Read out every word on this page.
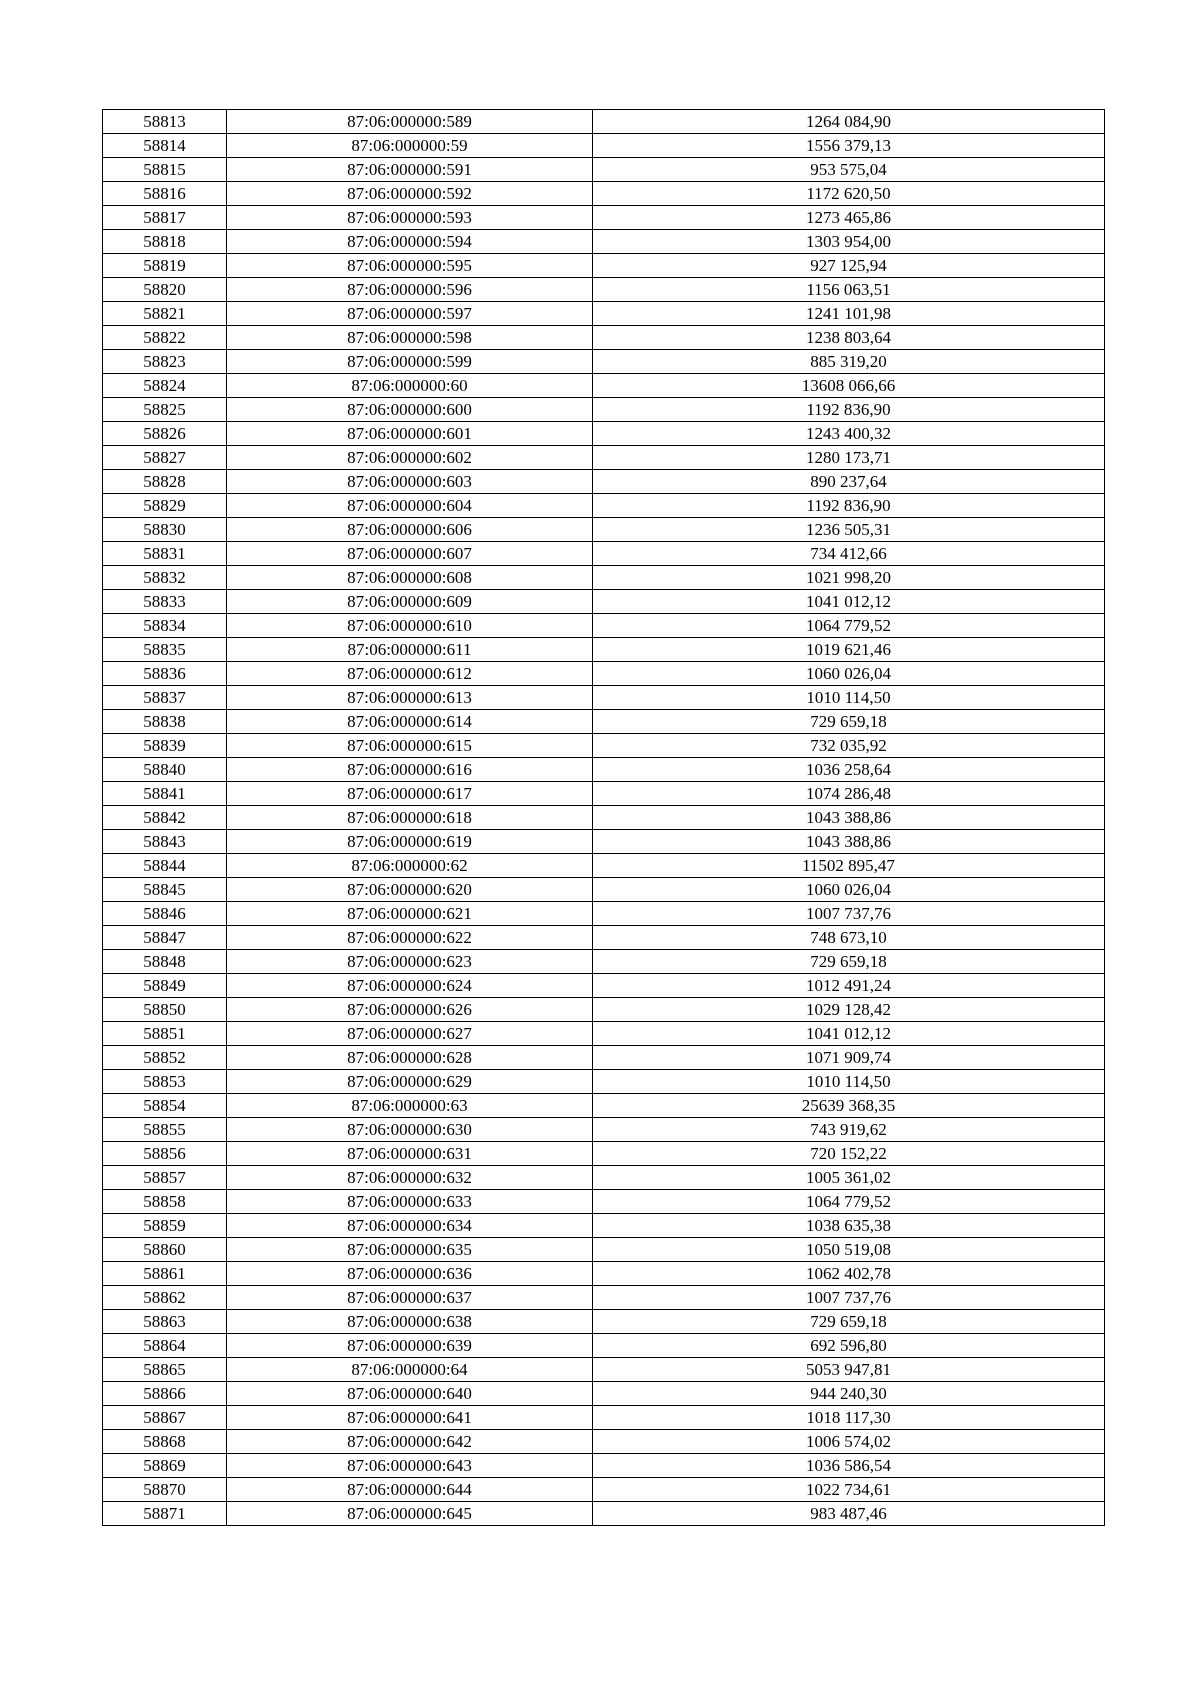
58813	87:06:000000:589	1264 084,90
58814	87:06:000000:59	1556 379,13
58815	87:06:000000:591	953 575,04
58816	87:06:000000:592	1172 620,50
58817	87:06:000000:593	1273 465,86
58818	87:06:000000:594	1303 954,00
58819	87:06:000000:595	927 125,94
58820	87:06:000000:596	1156 063,51
58821	87:06:000000:597	1241 101,98
58822	87:06:000000:598	1238 803,64
58823	87:06:000000:599	885 319,20
58824	87:06:000000:60	13608 066,66
58825	87:06:000000:600	1192 836,90
58826	87:06:000000:601	1243 400,32
58827	87:06:000000:602	1280 173,71
58828	87:06:000000:603	890 237,64
58829	87:06:000000:604	1192 836,90
58830	87:06:000000:606	1236 505,31
58831	87:06:000000:607	734 412,66
58832	87:06:000000:608	1021 998,20
58833	87:06:000000:609	1041 012,12
58834	87:06:000000:610	1064 779,52
58835	87:06:000000:611	1019 621,46
58836	87:06:000000:612	1060 026,04
58837	87:06:000000:613	1010 114,50
58838	87:06:000000:614	729 659,18
58839	87:06:000000:615	732 035,92
58840	87:06:000000:616	1036 258,64
58841	87:06:000000:617	1074 286,48
58842	87:06:000000:618	1043 388,86
58843	87:06:000000:619	1043 388,86
58844	87:06:000000:62	11502 895,47
58845	87:06:000000:620	1060 026,04
58846	87:06:000000:621	1007 737,76
58847	87:06:000000:622	748 673,10
58848	87:06:000000:623	729 659,18
58849	87:06:000000:624	1012 491,24
58850	87:06:000000:626	1029 128,42
58851	87:06:000000:627	1041 012,12
58852	87:06:000000:628	1071 909,74
58853	87:06:000000:629	1010 114,50
58854	87:06:000000:63	25639 368,35
58855	87:06:000000:630	743 919,62
58856	87:06:000000:631	720 152,22
58857	87:06:000000:632	1005 361,02
58858	87:06:000000:633	1064 779,52
58859	87:06:000000:634	1038 635,38
58860	87:06:000000:635	1050 519,08
58861	87:06:000000:636	1062 402,78
58862	87:06:000000:637	1007 737,76
58863	87:06:000000:638	729 659,18
58864	87:06:000000:639	692 596,80
58865	87:06:000000:64	5053 947,81
58866	87:06:000000:640	944 240,30
58867	87:06:000000:641	1018 117,30
58868	87:06:000000:642	1006 574,02
58869	87:06:000000:643	1036 586,54
58870	87:06:000000:644	1022 734,61
58871	87:06:000000:645	983 487,46
